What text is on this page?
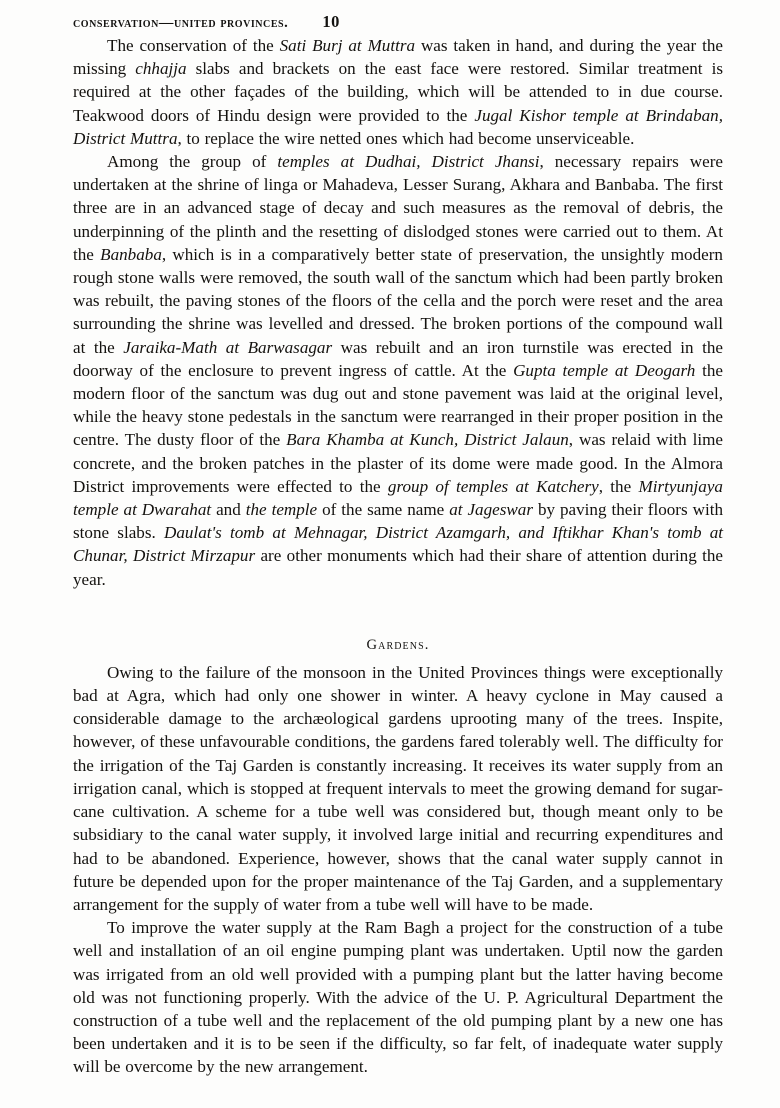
conservation—united provinces. 10

The conservation of the Sati Burj at Muttra was taken in hand, and during the year the missing chhajja slabs and brackets on the east face were restored. Similar treatment is required at the other façades of the building, which will be attended to in due course. Teakwood doors of Hindu design were provided to the Jugal Kishor temple at Brindaban, District Muttra, to replace the wire netted ones which had become unserviceable.

Among the group of temples at Dudhai, District Jhansi, necessary repairs were undertaken at the shrine of linga or Mahadeva, Lesser Surang, Akhara and Banbaba. The first three are in an advanced stage of decay and such measures as the removal of debris, the underpinning of the plinth and the resetting of dislodged stones were carried out to them. At the Banbaba, which is in a comparatively better state of preservation, the unsightly modern rough stone walls were removed, the south wall of the sanctum which had been partly broken was rebuilt, the paving stones of the floors of the cella and the porch were reset and the area surrounding the shrine was levelled and dressed. The broken portions of the compound wall at the Jaraika-Math at Barwasagar was rebuilt and an iron turnstile was erected in the doorway of the enclosure to prevent ingress of cattle. At the Gupta temple at Deogarh the modern floor of the sanctum was dug out and stone pavement was laid at the original level, while the heavy stone pedestals in the sanctum were rearranged in their proper position in the centre. The dusty floor of the Bara Khamba at Kunch, District Jalaun, was relaid with lime concrete, and the broken patches in the plaster of its dome were made good. In the Almora District improvements were effected to the group of temples at Katchery, the Mirtyunjaya temple at Dwarahat and the temple of the same name at Jageswar by paving their floors with stone slabs. Daulat's tomb at Mehnagar, District Azamgarh, and Iftikhar Khan's tomb at Chunar, District Mirzapur are other monuments which had their share of attention during the year.

Gardens.

Owing to the failure of the monsoon in the United Provinces things were exceptionally bad at Agra, which had only one shower in winter. A heavy cyclone in May caused a considerable damage to the archæological gardens uprooting many of the trees. Inspite, however, of these unfavourable conditions, the gardens fared tolerably well. The difficulty for the irrigation of the Taj Garden is constantly increasing. It receives its water supply from an irrigation canal, which is stopped at frequent intervals to meet the growing demand for sugar-cane cultivation. A scheme for a tube well was considered but, though meant only to be subsidiary to the canal water supply, it involved large initial and recurring expenditures and had to be abandoned. Experience, however, shows that the canal water supply cannot in future be depended upon for the proper maintenance of the Taj Garden, and a supplementary arrangement for the supply of water from a tube well will have to be made.

To improve the water supply at the Ram Bagh a project for the construction of a tube well and installation of an oil engine pumping plant was undertaken. Uptil now the garden was irrigated from an old well provided with a pumping plant but the latter having become old was not functioning properly. With the advice of the U. P. Agricultural Department the construction of a tube well and the replacement of the old pumping plant by a new one has been undertaken and it is to be seen if the difficulty, so far felt, of inadequate water supply will be overcome by the new arrangement.
